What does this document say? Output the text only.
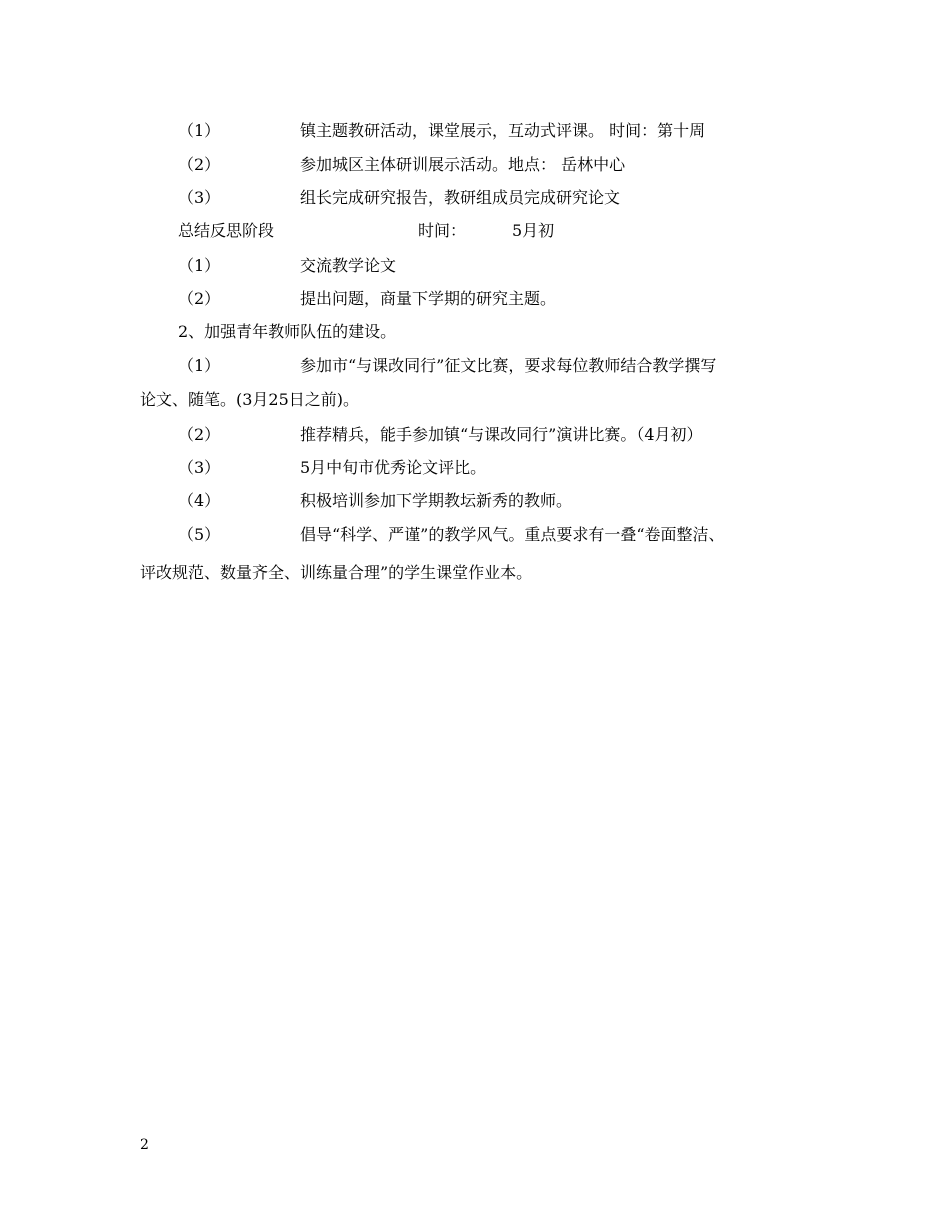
（1）	镇主题教研活动，课堂展示，互动式评课。 时间：第十周
（2）	参加城区主体研训展示活动。地点： 岳林中心
（3）	组长完成研究报告，教研组成员完成研究论文
总结反思阶段	时间：	5月初
（1）	交流教学论文
（2）	提出问题，商量下学期的研究主题。
2、加强青年教师队伍的建设。
（1）	参加市“与课改同行”征文比赛，要求每位教师结合教学撰写
论文、随笔。(3月25日之前)。
（2）	推荐精兵，能手参加镇“与课改同行”演讲比赛。（4月初）
（3）	5月中旬市优秀论文评比。
（4）	积极培训参加下学期教坛新秀的教师。
（5）	倡导“科学、严谨”的教学风气。重点要求有一叠“卷面整洁、
评改规范、数量齐全、训练量合理”的学生课堂作业本。
2
